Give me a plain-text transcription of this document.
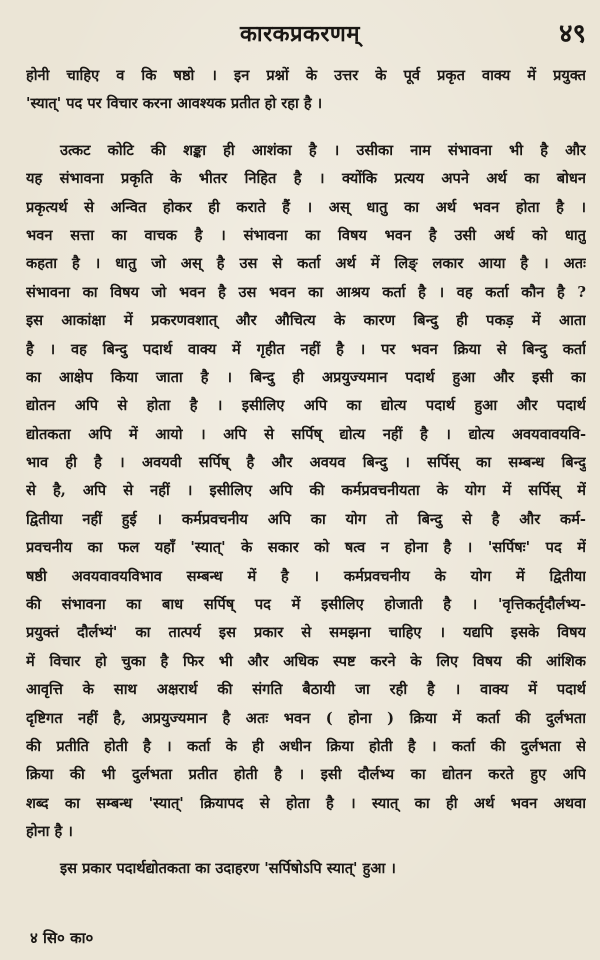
कारकप्रकरणम्	४९
होनी चाहिए व कि षष्ठो । इन प्रश्नों के उत्तर के पूर्व प्रकृत वाक्य में प्रयुक्त
'स्यात्' पद पर विचार करना आवश्यक प्रतीत हो रहा है ।
उत्कट कोटि की शङ्का ही आशंका है । उसीका नाम संभावना भी है और
यह संभावना प्रकृति के भीतर निहित है । क्योंकि प्रत्यय अपने अर्थ का बोधन
प्रकृत्यर्थ से अन्वित होकर ही कराते हैं । अस् धातु का अर्थ भवन होता है ।
भवन सत्ता का वाचक है । संभावना का विषय भवन है उसी अर्थ को धातु
कहता है । धातु जो अस् है उस से कर्ता अर्थ में लिङ् लकार आया है । अतः
संभावना का विषय जो भवन है उस भवन का आश्रय कर्ता है । वह कर्ता कौन है ?
इस आकांक्षा में प्रकरणवशात् और औचित्य के कारण बिन्दु ही पकड़ में आता
है । वह बिन्दु पदार्थ वाक्य में गृहीत नहीं है । पर भवन क्रिया से बिन्दु कर्ता
का आक्षेप किया जाता है । बिन्दु ही अप्रयुज्यमान पदार्थ हुआ और इसी का
द्योतन अपि से होता है । इसीलिए अपि का द्योत्य पदार्थ हुआ और पदार्थ
द्योतकता अपि में आयो । अपि से सर्पिष् द्योत्य नहीं है । द्योत्य अवयवावयवि-
भाव ही है । अवयवी सर्पिष् है और अवयव बिन्दु । सर्पिस् का सम्बन्ध बिन्दु
से है, अपि से नहीं । इसीलिए अपि की कर्मप्रवचनीयता के योग में सर्पिस् में
द्वितीया नहीं हुई । कर्मप्रवचनीय अपि का योग तो बिन्दु से है और कर्म-
प्रवचनीय का फल यहाँ 'स्यात्' के सकार को षत्व न होना है । 'सर्पिषः' पद में
षष्ठी अवयवावयविभाव सम्बन्ध में है । कर्मप्रवचनीय के योग में द्वितीया
की संभावना का बाध सर्पिष् पद में इसीलिए होजाती है । 'वृत्तिकर्तृदौर्लभ्य-
प्रयुक्तं दौर्लभ्यं' का तात्पर्य इस प्रकार से समझना चाहिए । यद्यपि इसके विषय
में विचार हो चुका है फिर भी और अधिक स्पष्ट करने के लिए विषय की आंशिक
आवृत्ति के साथ अक्षरार्थ की संगति बैठायी जा रही है । वाक्य में पदार्थ
दृष्टिगत नहीं है, अप्रयुज्यमान है अतः भवन ( होना ) क्रिया में कर्ता की दुर्लभता
की प्रतीति होती है । कर्ता के ही अधीन क्रिया होती है । कर्ता की दुर्लभता से
क्रिया की भी दुर्लभता प्रतीत होती है । इसी दौर्लभ्य का द्योतन करते हुए अपि
शब्द का सम्बन्ध 'स्यात्' क्रियापद से होता है । स्यात् का ही अर्थ भवन अथवा
होना है ।
इस प्रकार पदार्थद्योतकता का उदाहरण 'सर्पिषोऽपि स्यात्' हुआ ।
४ सि० का०
